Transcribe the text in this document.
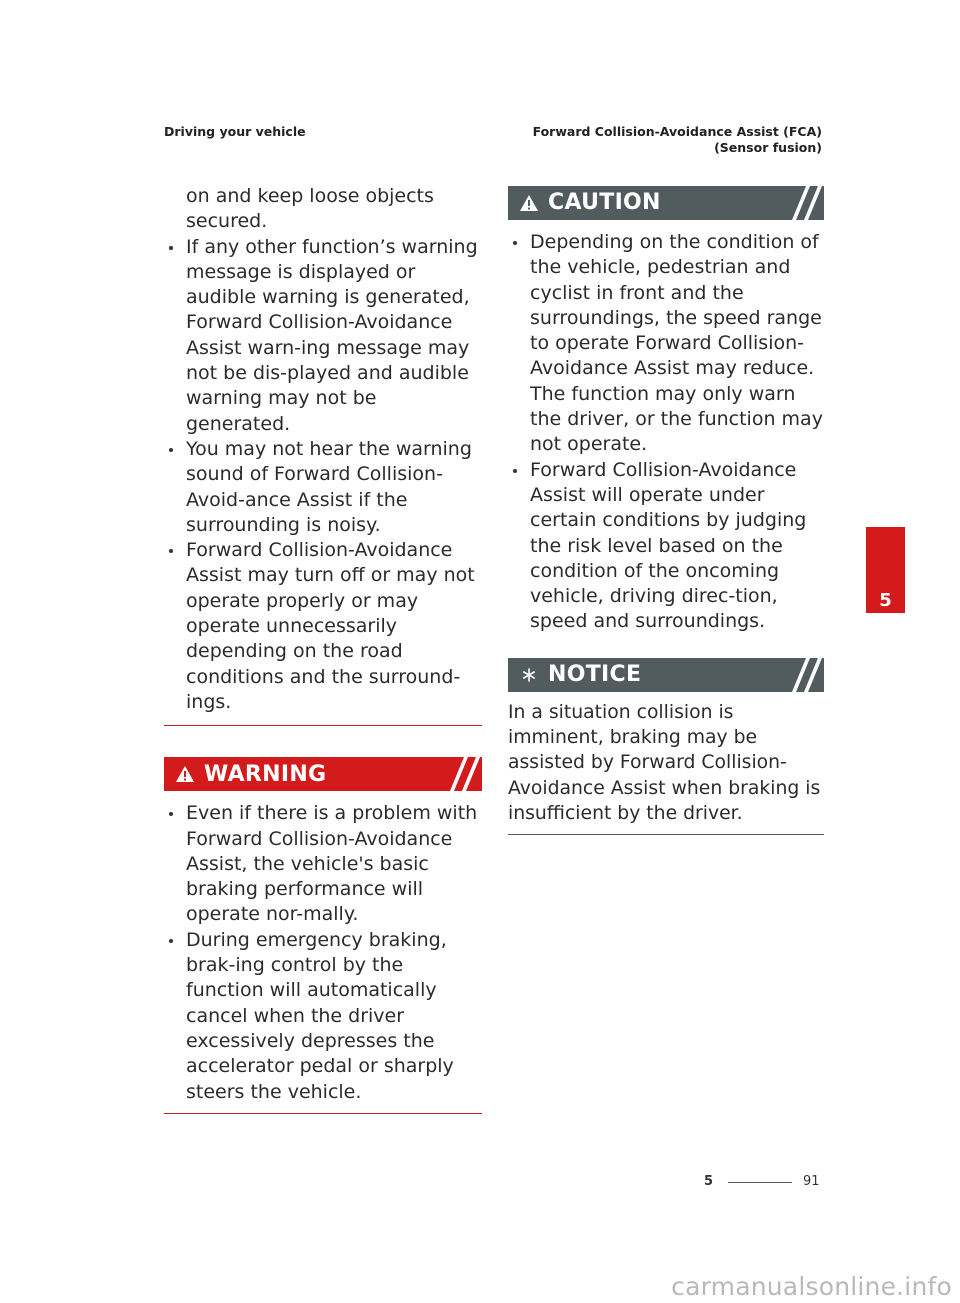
Driving your vehicle	Forward Collision-Avoidance Assist (FCA)
(Sensor fusion)
on and keep loose objects secured.
If any other function’s warning message is displayed or audible warning is generated, Forward Collision-Avoidance Assist warn-ing message may not be dis-played and audible warning may not be generated.
You may not hear the warning sound of Forward Collision-Avoid-ance Assist if the surrounding is noisy.
Forward Collision-Avoidance Assist may turn off or may not operate properly or may operate unnecessarily depending on the road conditions and the surround-ings.
WARNING
Even if there is a problem with Forward Collision-Avoidance Assist, the vehicle's basic braking performance will operate nor-mally.
During emergency braking, brak-ing control by the function will automatically cancel when the driver excessively depresses the accelerator pedal or sharply steers the vehicle.
CAUTION
Depending on the condition of the vehicle, pedestrian and cyclist in front and the surroundings, the speed range to operate Forward Collision-Avoidance Assist may reduce. The function may only warn the driver, or the function may not operate.
Forward Collision-Avoidance Assist will operate under certain conditions by judging the risk level based on the condition of the oncoming vehicle, driving direc-tion, speed and surroundings.
NOTICE
In a situation collision is imminent, braking may be assisted by Forward Collision-Avoidance Assist when braking is insufficient by the driver.
5
5	91
carmanualsonline.info
